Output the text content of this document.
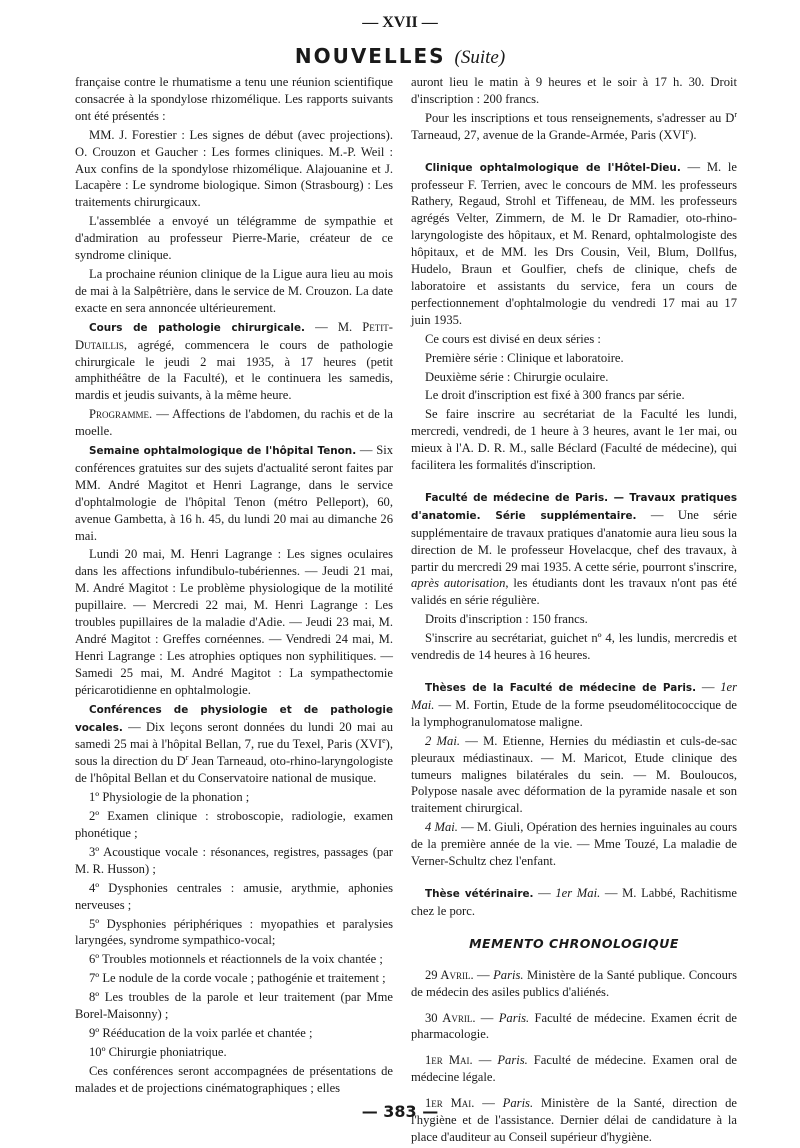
— XVII —
NOUVELLES (Suite)

française contre le rhumatisme a tenu une réunion scientifique consacrée à la spondylose rhizomélique. Les rapports suivants ont été présentés :

MM. J. Forestier : Les signes de début (avec projections). O. Crouzon et Gaucher : Les formes cliniques. M.-P. Weil : Aux confins de la spondylose rhizomélique. Alajouanine et J. Lacapère : Le syndrome biologique. Simon (Strasbourg) : Les traitements chirurgicaux.

L'assemblée a envoyé un télégramme de sympathie et d'admiration au professeur Pierre-Marie, créateur de ce syndrome clinique.

La prochaine réunion clinique de la Ligue aura lieu au mois de mai à la Salpêtrière, dans le service de M. Crouzon. La date exacte en sera annoncée ultérieurement.

Cours de pathologie chirurgicale. — M. Petit-Dutaillis, agrégé, commencera le cours de pathologie chirurgicale le jeudi 2 mai 1935, à 17 heures (petit amphithéâtre de la Faculté), et le continuera les samedis, mardis et jeudis suivants, à la même heure.

Programme. — Affections de l'abdomen, du rachis et de la moelle.

Semaine ophtalmologique de l'hôpital Tenon. — Six conférences gratuites sur des sujets d'actualité seront faites par MM. André Magitot et Henri Lagrange, dans le service d'ophtalmologie de l'hôpital Tenon (métro Pelleport), 60, avenue Gambetta, à 16 h. 45, du lundi 20 mai au dimanche 26 mai.

Lundi 20 mai, M. Henri Lagrange : Les signes oculaires dans les affections infundibulo-tubériennes. — Jeudi 21 mai, M. André Magitot : Le problème physiologique de la motilité pupillaire. — Mercredi 22 mai, M. Henri Lagrange : Les troubles pupillaires de la maladie d'Adie. — Jeudi 23 mai, M. André Magitot : Greffes cornéennes. — Vendredi 24 mai, M. Henri Lagrange : Les atrophies optiques non syphilitiques. — Samedi 25 mai, M. André Magitot : La sympathectomie péricarotidienne en ophtalmologie.

Conférences de physiologie et de pathologie vocales. — Dix leçons seront données du lundi 20 mai au samedi 25 mai à l'hôpital Bellan, 7, rue du Texel, Paris (XVIe), sous la direction du $D^r$ Jean Tarneaud, oto-rhino-laryngologiste de l'hôpital Bellan et du Conservatoire national de musique.

1º Physiologie de la phonation ;

2º Examen clinique : stroboscopie, radiologie, examen phonétique ;

3º Acoustique vocale : résonances, registres, passages (par M. R. Husson) ;

4º Dysphonies centrales : amusie, arythmie, aphonies nerveuses ;

5º Dysphonies périphériques : myopathies et paralysies laryngées, syndrome sympathico-vocal;

6º Troubles motionnels et réactionnels de la voix chantée ;

7º Le nodule de la corde vocale ; pathogénie et traitement ;

8º Les troubles de la parole et leur traitement (par Mme Borel-Maisonny) ;

9º Rééducation de la voix parlée et chantée ;

10º Chirurgie phoniatrique.

Ces conférences seront accompagnées de présentations de malades et de projections cinématographiques ; elles

auront lieu le matin à 9 heures et le soir à 17 h. 30. Droit d'inscription : 200 francs.

Pour les inscriptions et tous renseignements, s'adresser au $D^r$ Tarneaud, 27, avenue de la Grande-Armée, Paris (XVIe).

Clinique ophtalmologique de l'Hôtel-Dieu. — M. le professeur F. Terrien, avec le concours de MM. les professeurs Rathery, Regaud, Strohl et Tiffeneau, de MM. les professeurs agrégés Velter, Zimmern, de M. le Dr Ramadier, oto-rhino-laryngologiste des hôpitaux, et M. Renard, ophtalmologiste des hôpitaux, et de MM. les Drs Cousin, Veil, Blum, Dollfus, Hudelo, Braun et Goulfier, chefs de clinique, chefs de laboratoire et assistants du service, fera un cours de perfectionnement d'ophtalmologie du vendredi 17 mai au 17 juin 1935.

Ce cours est divisé en deux séries :

Première série : Clinique et laboratoire.

Deuxième série : Chirurgie oculaire.

Le droit d'inscription est fixé à 300 francs par série.

Se faire inscrire au secrétariat de la Faculté les lundi, mercredi, vendredi, de 1 heure à 3 heures, avant le 1er mai, ou mieux à l'A. D. R. M., salle Béclard (Faculté de médecine), qui facilitera les formalités d'inscription.

Faculté de médecine de Paris. — Travaux pratiques d'anatomie. Série supplémentaire. — Une série supplémentaire de travaux pratiques d'anatomie aura lieu sous la direction de M. le professeur Hovelacque, chef des travaux, à partir du mercredi 29 mai 1935. A cette série, pourront s'inscrire, après autorisation, les étudiants dont les travaux n'ont pas été validés en série régulière.

Droits d'inscription : 150 francs.

S'inscrire au secrétariat, guichet nº 4, les lundis, mercredis et vendredis de 14 heures à 16 heures.

Thèses de la Faculté de médecine de Paris. — 1er Mai. — M. Fortin, Etude de la forme pseudomélitococcique de la lymphogranulomatose maligne.

2 Mai. — M. Etienne, Hernies du médiastin et culs-de-sac pleuraux médiastinaux. — M. Maricot, Etude clinique des tumeurs malignes bilatérales du sein. — M. Bouloucos, Polypose nasale avec déformation de la pyramide nasale et son traitement chirurgical.

4 Mai. — M. Giuli, Opération des hernies inguinales au cours de la première année de la vie. — Mme Touzé, La maladie de Verner-Schultz chez l'enfant.

Thèse vétérinaire. — 1er Mai. — M. Labbé, Rachitisme chez le porc.

MEMENTO CHRONOLOGIQUE

29 Avril. — Paris. Ministère de la Santé publique. Concours de médecin des asiles publics d'aliénés.

30 Avril. — Paris. Faculté de médecine. Examen écrit de pharmacologie.

1er Mai. — Paris. Faculté de médecine. Examen oral de médecine légale.

1er Mai. — Paris. Ministère de la Santé, direction de l'hygiène et de l'assistance. Dernier délai de candidature à la place d'auditeur au Conseil supérieur d'hygiène.

— 383 —
